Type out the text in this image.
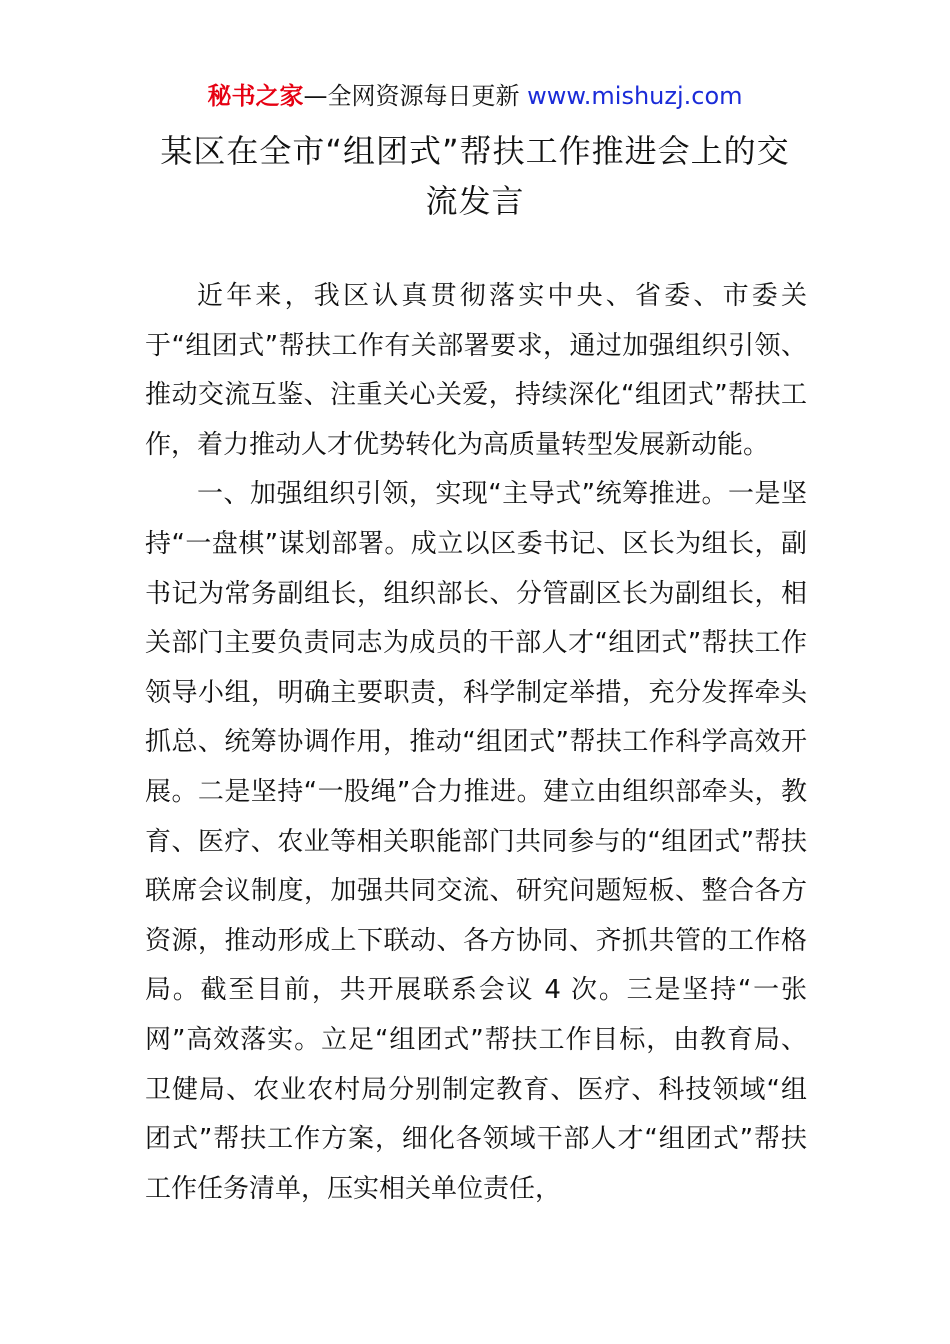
秘书之家—全网资源每日更新 www.mishuzj.com
某区在全市“组团式”帮扶工作推进会上的交流发言

近年来，我区认真贯彻落实中央、省委、市委关于“组团式”帮扶工作有关部署要求，通过加强组织引领、推动交流互鉴、注重关心关爱，持续深化“组团式”帮扶工作，着力推动人才优势转化为高质量转型发展新动能。

一、加强组织引领，实现“主导式”统筹推进。一是坚持“一盘棋”谋划部署。成立以区委书记、区长为组长，副书记为常务副组长，组织部长、分管副区长为副组长，相关部门主要负责同志为成员的干部人才“组团式”帮扶工作领导小组，明确主要职责，科学制定举措，充分发挥牵头抓总、统筹协调作用，推动“组团式”帮扶工作科学高效开展。二是坚持“一股绳”合力推进。建立由组织部牵头，教育、医疗、农业等相关职能部门共同参与的“组团式”帮扶联席会议制度，加强共同交流、研究问题短板、整合各方资源，推动形成上下联动、各方协同、齐抓共管的工作格局。截至目前，共开展联系会议 4 次。三是坚持“一张网”高效落实。立足“组团式”帮扶工作目标，由教育局、卫健局、农业农村局分别制定教育、医疗、科技领域“组团式”帮扶工作方案，细化各领域干部人才“组团式”帮扶工作任务清单，压实相关单位责任，
